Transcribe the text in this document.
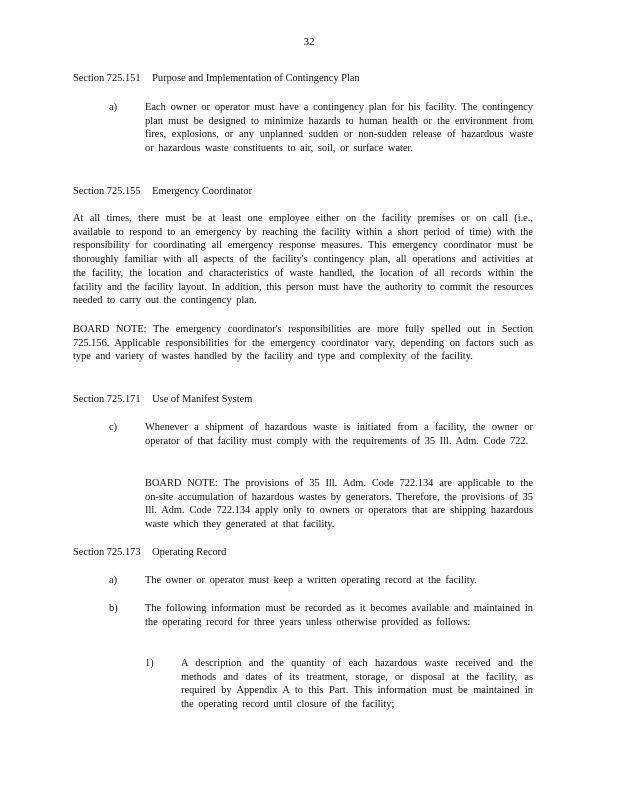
32
Section 725.151 Purpose and Implementation of Contingency Plan
a)	Each owner or operator must have a contingency plan for his facility. The contingency plan must be designed to minimize hazards to human health or the environment from fires, explosions, or any unplanned sudden or non-sudden release of hazardous waste or hazardous waste constituents to air, soil, or surface water.
Section 725.155 Emergency Coordinator
At all times, there must be at least one employee either on the facility premises or on call (i.e., available to respond to an emergency by reaching the facility within a short period of time) with the responsibility for coordinating all emergency response measures. This emergency coordinator must be thoroughly familiar with all aspects of the facility's contingency plan, all operations and activities at the facility, the location and characteristics of waste handled, the location of all records within the facility and the facility layout. In addition, this person must have the authority to commit the resources needed to carry out the contingency plan.
BOARD NOTE: The emergency coordinator's responsibilities are more fully spelled out in Section 725.156. Applicable responsibilities for the emergency coordinator vary, depending on factors such as type and variety of wastes handled by the facility and type and complexity of the facility.
Section 725.171 Use of Manifest System
c)	Whenever a shipment of hazardous waste is initiated from a facility, the owner or operator of that facility must comply with the requirements of 35 Ill. Adm. Code 722.
BOARD NOTE: The provisions of 35 Ill. Adm. Code 722.134 are applicable to the on-site accumulation of hazardous wastes by generators. Therefore, the provisions of 35 Ill. Adm. Code 722.134 apply only to owners or operators that are shipping hazardous waste which they generated at that facility.
Section 725.173 Operating Record
a)	The owner or operator must keep a written operating record at the facility.
b)	The following information must be recorded as it becomes available and maintained in the operating record for three years unless otherwise provided as follows:
1)	A description and the quantity of each hazardous waste received and the methods and dates of its treatment, storage, or disposal at the facility, as required by Appendix A to this Part. This information must be maintained in the operating record until closure of the facility;
